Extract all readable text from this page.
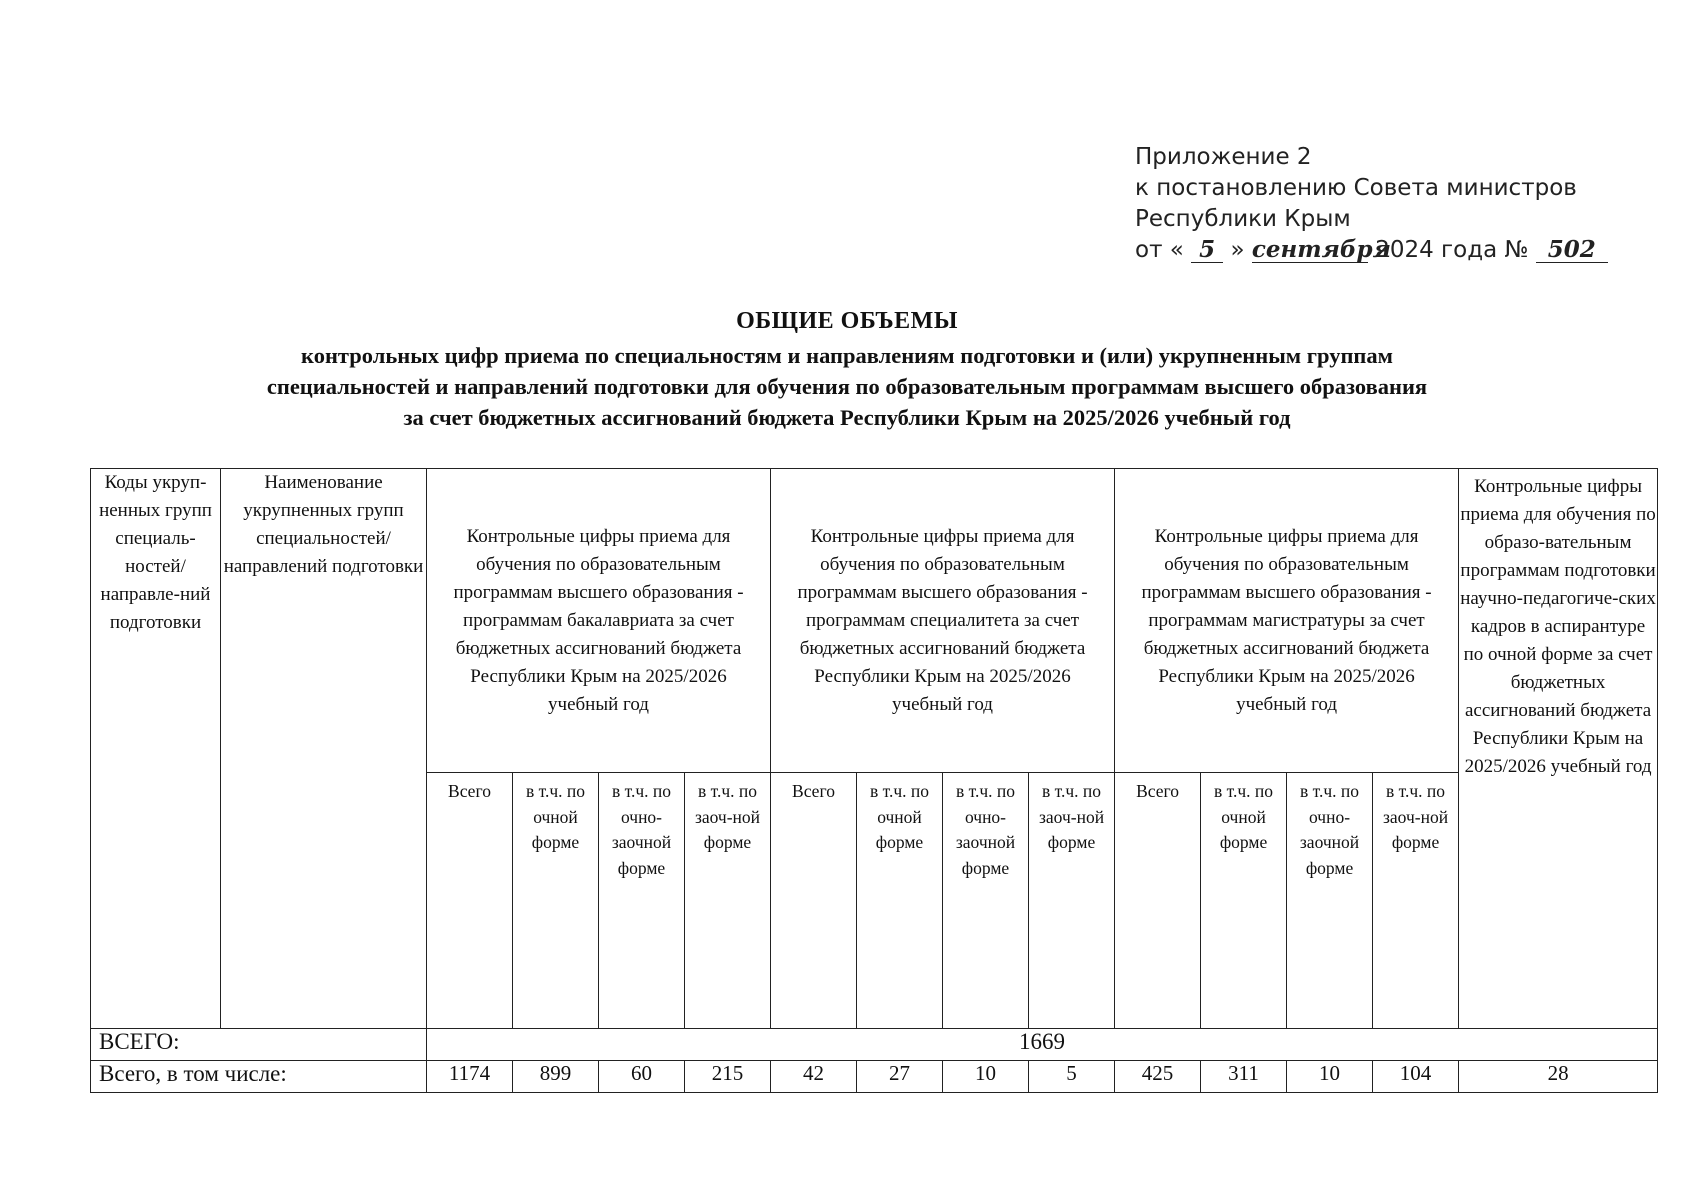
Приложение 2
к постановлению Совета министров
Республики Крым
от « 5 » сентября 2024 года № 502
ОБЩИЕ ОБЪЕМЫ
контрольных цифр приема по специальностям и направлениям подготовки и (или) укрупненным группам
специальностей и направлений подготовки для обучения по образовательным программам высшего образования
за счет бюджетных ассигнований бюджета Республики Крым на 2025/2026 учебный год
Коды укруп-ненных групп специаль-ностей/ направле-ний подготовки	Наименование укрупненных групп специальностей/ направлений подготовки	Контрольные цифры приема для обучения по образовательным программам высшего образования - программам бакалавриата за счет бюджетных ассигнований бюджета Республики Крым на 2025/2026 учебный год				Контрольные цифры приема для обучения по образовательным программам высшего образования - программам специалитета за счет бюджетных ассигнований бюджета Республики Крым на 2025/2026 учебный год				Контрольные цифры приема для обучения по образовательным программам высшего образования - программам магистратуры за счет бюджетных ассигнований бюджета Республики Крым на 2025/2026 учебный год				Контрольные цифры приема для обучения по образо-вательным программам подготовки научно-педагогиче-ских кадров в аспирантуре по очной форме за счет бюджетных ассигнований бюджета Республики Крым на 2025/2026 учебный год
		Всего	в т.ч. по очной форме	в т.ч. по очно-заочной форме	в т.ч. по заоч-ной форме	Всего	в т.ч. по очной форме	в т.ч. по очно-заочной форме	в т.ч. по заоч-ной форме	Всего	в т.ч. по очной форме	в т.ч. по очно-заочной форме	в т.ч. по заоч-ной форме	
ВСЕГО:		1669												
Всего, в том числе:		1174	899	60	215	42	27	10	5	425	311	10	104	28
